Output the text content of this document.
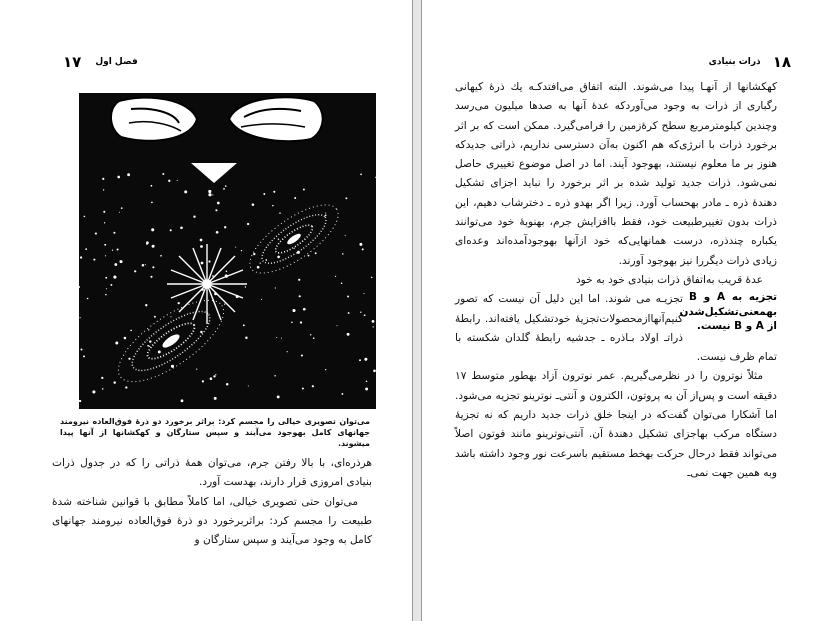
۱۷ فصل اول
می‌توان تصویری خیالی را مجسم کرد: براثر برخورد دو ذرۀ فوق‌العاده نیرومند جهانهای کامل بهوجود می‌آیند و سپس ستارگان و کهکشانها از آنها پیدا میشوند.

هرذره‌ای، با بالا رفتن جرم، می‌توان همهٔ ذراتی را که در جدول ذرات بنیادی امروزی قرار دارند، بهدست آورد.

می‌توان حتی تصویری خیالی، اما کاملاً مطابق با قوانین شناخته شدۀ طبیعت را مجسم کرد: براثربرخورد دو ذرۀ فوق‌العاده نیرومند جهانهای کامل به وجود می‌آیند و سپس ستارگان و

۱۸
ذرات بنیادی

کهکشانها از آنهـا پیدا می‌شوند. البته اتفاق می‌افتدکـه یك ذرۀ کیهانی رگباری از ذرات به وجود می‌آوردکه عدۀ آنها به صدها میلیون می‌رسد وچندین کیلومترمربع سطح کرۀزمین را فرامی‌گیرد. ممکن است که بر اثر برخورد ذرات با انرژی‌که هم اکنون به‌آن دسترسی نداریم، ذراتی جدیدکه هنوز بر ما معلوم نیستند، بهوجود آیند. اما در اصل موضوع تغییری حاصل نمی‌شود. ذرات جدید تولید شده بر اثر برخورد را نباید اجزای تشکیل دهندۀ ذره ـ مادر بهحساب آورد. زیرا اگر بهدو ذره ـ دخترشاب دهیم، این ذرات بدون تغییرطبیعت خود، فقط باافزایش جرم، بهنوبۀ خود می‌توانند یکباره چندذره، درست همانهایی‌که خود ازآنها بهوجودآمده‌اند وعده‌ای زیادی ذرات دیگررا نیز بهوجود آورند.

عدۀ قریب به‌اتفاق ذرات بنیادی خود به خود

تجزیه به A و B بهمعنی‌تشکیل‌شدن از A و B نیست.
تجزیـه می شوند. اما این دلیل آن نیست که تصور کنیم‌آنهاازمحصولات‌تجزیۀ خودتشکیل یافته‌اند. رابطۀ ذراتـ اولاد بـاذره ـ جدشیه رابطۀ گلدان شکسته با تمام ظرف نیست.

مثلاً نوترون را در نظرمی‌گیریم. عمر نوترون آزاد بهطور متوسط ۱۷ دقیقه است و پس‌از آن به پروتون، الکترون و آنتی‌ـ نوترینو تجزیه می‌شود. اما آشکارا می‌توان گفت‌که در اینجا خلق ذرات جدید داریم که نه تجزیۀ دستگاه مرکب بهاجزای تشکیل دهندۀ آن. آنتی‌نوترینو مانند فوتون اصلاً می‌تواند فقط درحال حرکت بهخط مستقیم باسرعت نور وجود داشته باشد وبه همین جهت نمی‌ـ
